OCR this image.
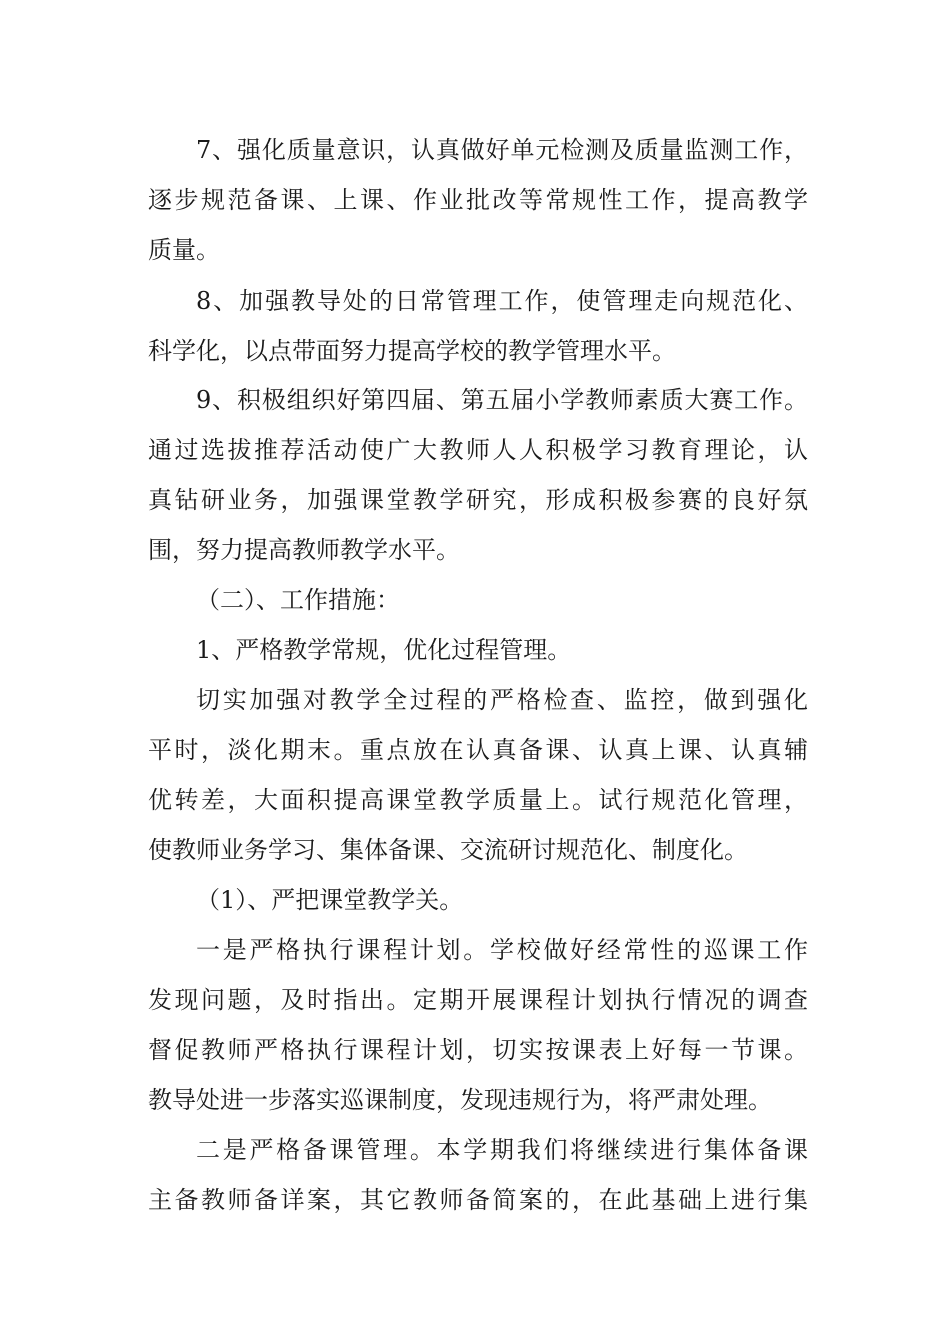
7、强化质量意识，认真做好单元检测及质量监测工作，
逐步规范备课、上课、作业批改等常规性工作，提高教学
质量。
8、加强教导处的日常管理工作，使管理走向规范化、
科学化，以点带面努力提高学校的教学管理水平。
9、积极组织好第四届、第五届小学教师素质大赛工作。
通过选拔推荐活动使广大教师人人积极学习教育理论，认
真钻研业务，加强课堂教学研究，形成积极参赛的良好氛
围，努力提高教师教学水平。
（二）、工作措施：
1、严格教学常规，优化过程管理。
切实加强对教学全过程的严格检查、监控，做到强化
平时，淡化期末。重点放在认真备课、认真上课、认真辅
优转差，大面积提高课堂教学质量上。试行规范化管理，
使教师业务学习、集体备课、交流研讨规范化、制度化。
（1）、严把课堂教学关。
一是严格执行课程计划。学校做好经常性的巡课工作
发现问题，及时指出。定期开展课程计划执行情况的调查
督促教师严格执行课程计划，切实按课表上好每一节课。
教导处进一步落实巡课制度，发现违规行为，将严肃处理。
二是严格备课管理。本学期我们将继续进行集体备课
主备教师备详案，其它教师备简案的，在此基础上进行集
